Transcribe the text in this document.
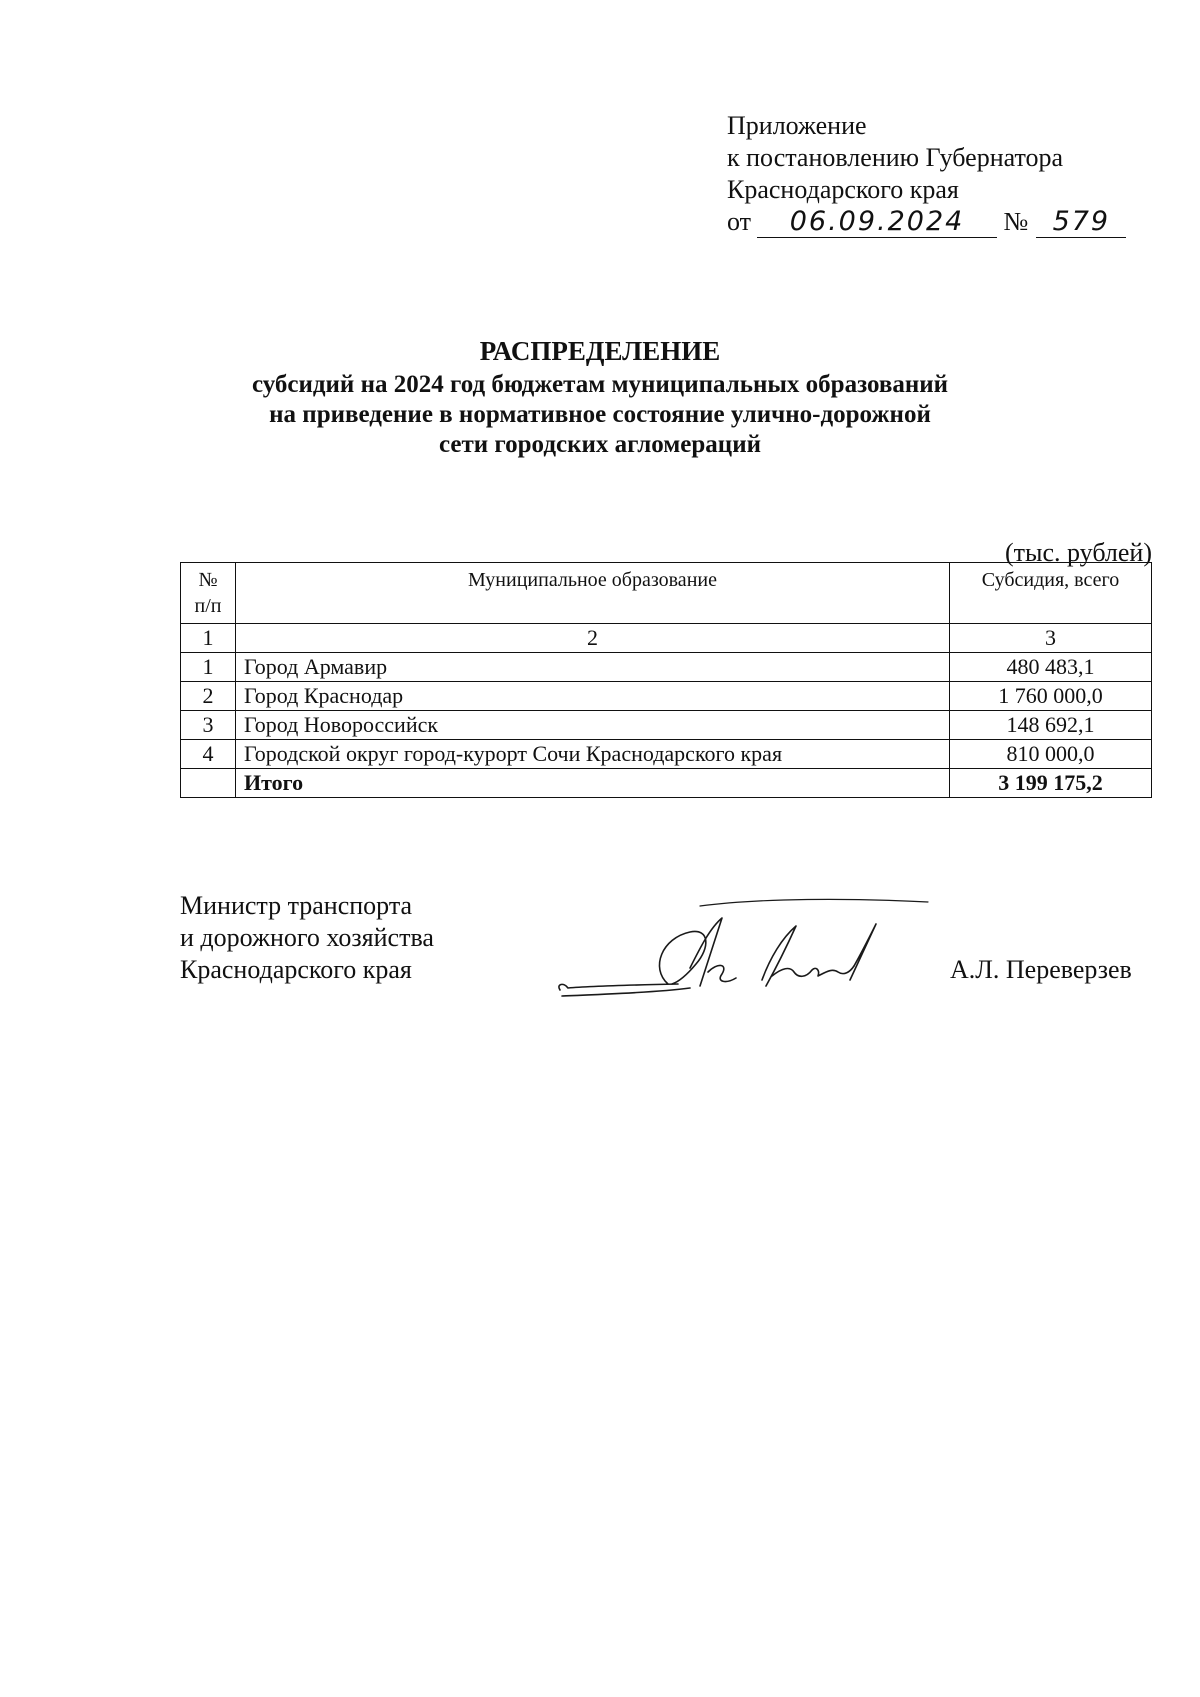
Приложение
к постановлению Губернатора
Краснодарского края
от 06.09.2024 № 579
РАСПРЕДЕЛЕНИЕ
субсидий на 2024 год бюджетам муниципальных образований
на приведение в нормативное состояние улично-дорожной
сети городских агломераций
(тыс. рублей)
№
п/п	Муниципальное образование	Субсидия, всего
1	2	3
1	Город Армавир	480 483,1
2	Город Краснодар	1 760 000,0
3	Город Новороссийск	148 692,1
4	Городской округ город-курорт Сочи Краснодарского края	810 000,0
	Итого	3 199 175,2
Министр транспорта
и дорожного хозяйства
Краснодарского края	А.Л. Переверзев
